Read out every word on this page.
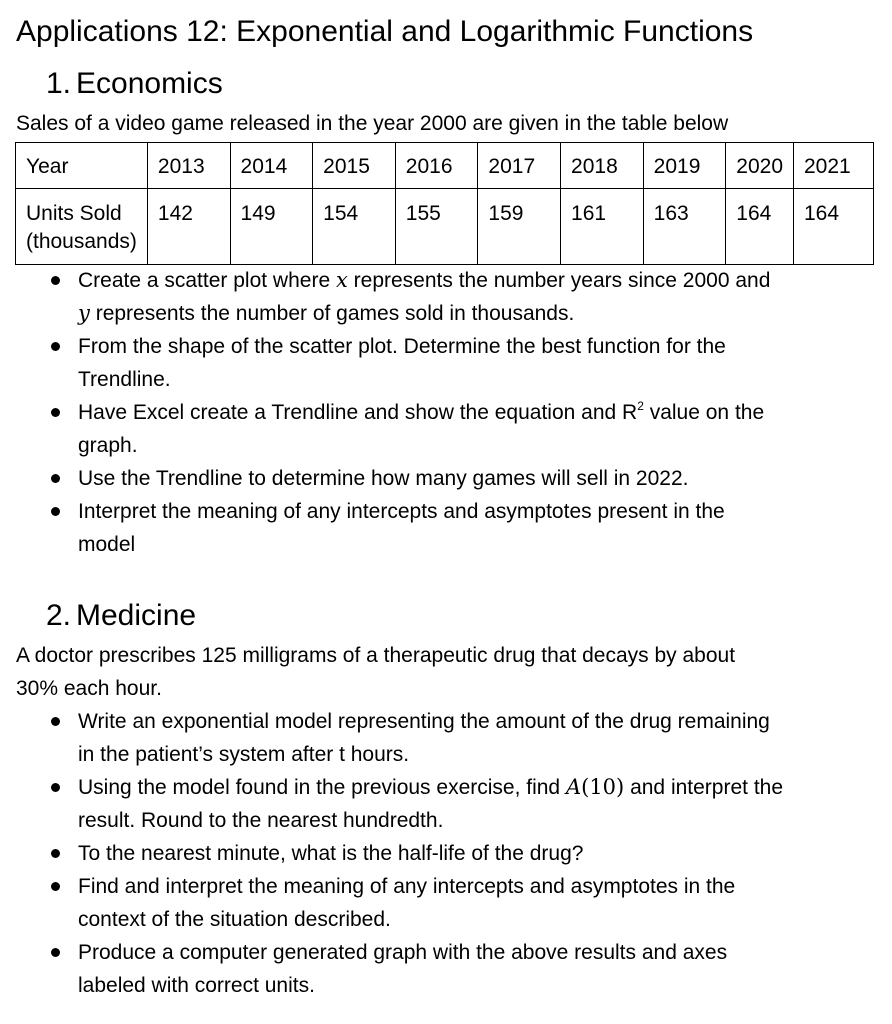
Applications 12: Exponential and Logarithmic Functions
1. Economics
Sales of a video game released in the year 2000 are given in the table below
Year	2013	2014	2015	2016	2017	2018	2019	2020	2021

Units Sold
(thousands)	142	149	154	155	159	161	163	164	164
Create a scatter plot where x represents the number years since 2000 and
y represents the number of games sold in thousands.
From the shape of the scatter plot. Determine the best function for the
Trendline.
Have Excel create a Trendline and show the equation and $R^2$ value on the
graph.
Use the Trendline to determine how many games will sell in 2022.
Interpret the meaning of any intercepts and asymptotes present in the
model
2. Medicine
A doctor prescribes 125 milligrams of a therapeutic drug that decays by about
30% each hour.
Write an exponential model representing the amount of the drug remaining
in the patient’s system after t hours.
Using the model found in the previous exercise, find A(10) and interpret the
result. Round to the nearest hundredth.
To the nearest minute, what is the half-life of the drug?
Find and interpret the meaning of any intercepts and asymptotes in the
context of the situation described.
Produce a computer generated graph with the above results and axes
labeled with correct units.
